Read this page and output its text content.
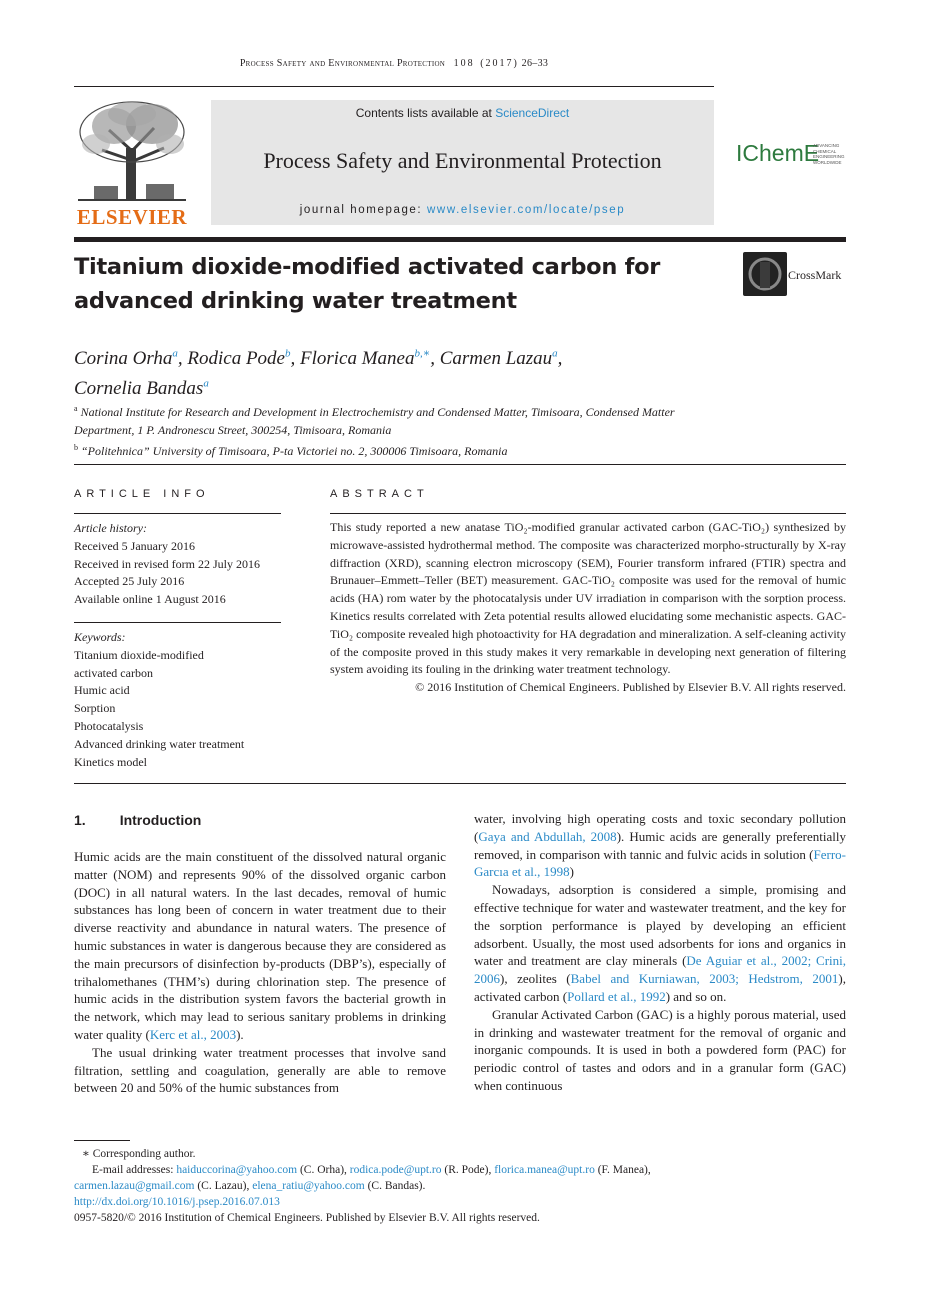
Process Safety and Environmental Protection 108 (2017) 26–33
ELSEVIER
Contents lists available at ScienceDirect
Process Safety and Environmental Protection
journal homepage: www.elsevier.com/locate/psep
IChemE
ADVANCING CHEMICAL ENGINEERING WORLDWIDE
Titanium dioxide-modified activated carbon for
advanced drinking water treatment
CrossMark
Corina Orha$^a$, Rodica Pode$^b$, Florica Manea$^{b,∗}$, Carmen Lazau$^a$,
Cornelia Bandas$^a$
$^a$ National Institute for Research and Development in Electrochemistry and Condensed Matter, Timisoara, Condensed Matter Department, 1 P. Andronescu Street, 300254, Timisoara, Romania
$^b$ “Politehnica” University of Timisoara, P-ta Victoriei no. 2, 300006 Timisoara, Romania
ARTICLE INFO
Article history:
Received 5 January 2016
Received in revised form 22 July 2016
Accepted 25 July 2016
Available online 1 August 2016
Keywords:
Titanium dioxide-modified
activated carbon
Humic acid
Sorption
Photocatalysis
Advanced drinking water treatment
Kinetics model
ABSTRACT

This study reported a new anatase TiO₂-modified granular activated carbon (GAC-TiO₂) synthesized by microwave-assisted hydrothermal method. The composite was characterized morpho-structurally by X-ray diffraction (XRD), scanning electron microscopy (SEM), Fourier transform infrared (FTIR) spectra and Brunauer–Emmett–Teller (BET) measurement. GAC-TiO₂ composite was used for the removal of humic acids (HA) rom water by the photocatalysis under UV irradiation in comparison with the sorption process. Kinetics results correlated with Zeta potential results allowed elucidating some mechanistic aspects. GAC-TiO₂ composite revealed high photoactivity for HA degradation and mineralization. A self-cleaning activity of the composite proved in this study makes it very remarkable in developing next generation of filtering system avoiding its fouling in the drinking water treatment technology.

© 2016 Institution of Chemical Engineers. Published by Elsevier B.V. All rights reserved.

1. Introduction

Humic acids are the main constituent of the dissolved natural organic matter (NOM) and represents 90% of the dissolved organic carbon (DOC) in all natural waters. In the last decades, removal of humic substances has long been of concern in water treatment due to their diverse reactivity and abundance in natural waters. The presence of humic substances in water is dangerous because they are considered as the main precursors of disinfection by-products (DBP’s), especially of trihalomethanes (THM’s) during chlorination step. The presence of humic acids in the distribution system favors the bacterial growth in the network, which may lead to serious sanitary problems in drinking water quality (Kerc et al., 2003).

The usual drinking water treatment processes that involve sand filtration, settling and coagulation, generally are able to remove between 20 and 50% of the humic substances from

water, involving high operating costs and toxic secondary pollution (Gaya and Abdullah, 2008). Humic acids are generally preferentially removed, in comparison with tannic and fulvic acids in solution (Ferro-Garcıa et al., 1998)

Nowadays, adsorption is considered a simple, promising and effective technique for water and wastewater treatment, and the key for the sorption performance is played by developing an efficient adsorbent. Usually, the most used adsorbents for ions and organics in water and treatment are clay minerals (De Aguiar et al., 2002; Crini, 2006), zeolites (Babel and Kurniawan, 2003; Hedstrom, 2001), activated carbon (Pollard et al., 1992) and so on.

Granular Activated Carbon (GAC) is a highly porous material, used in drinking and wastewater treatment for the removal of organic and inorganic compounds. It is used in both a powdered form (PAC) for periodic control of tastes and odors and in a granular form (GAC) when continuous

∗ Corresponding author.
E-mail addresses: haiduccorina@yahoo.com (C. Orha), rodica.pode@upt.ro (R. Pode), florica.manea@upt.ro (F. Manea),
carmen.lazau@gmail.com (C. Lazau), elena_ratiu@yahoo.com (C. Bandas).
http://dx.doi.org/10.1016/j.psep.2016.07.013
0957-5820/© 2016 Institution of Chemical Engineers. Published by Elsevier B.V. All rights reserved.
